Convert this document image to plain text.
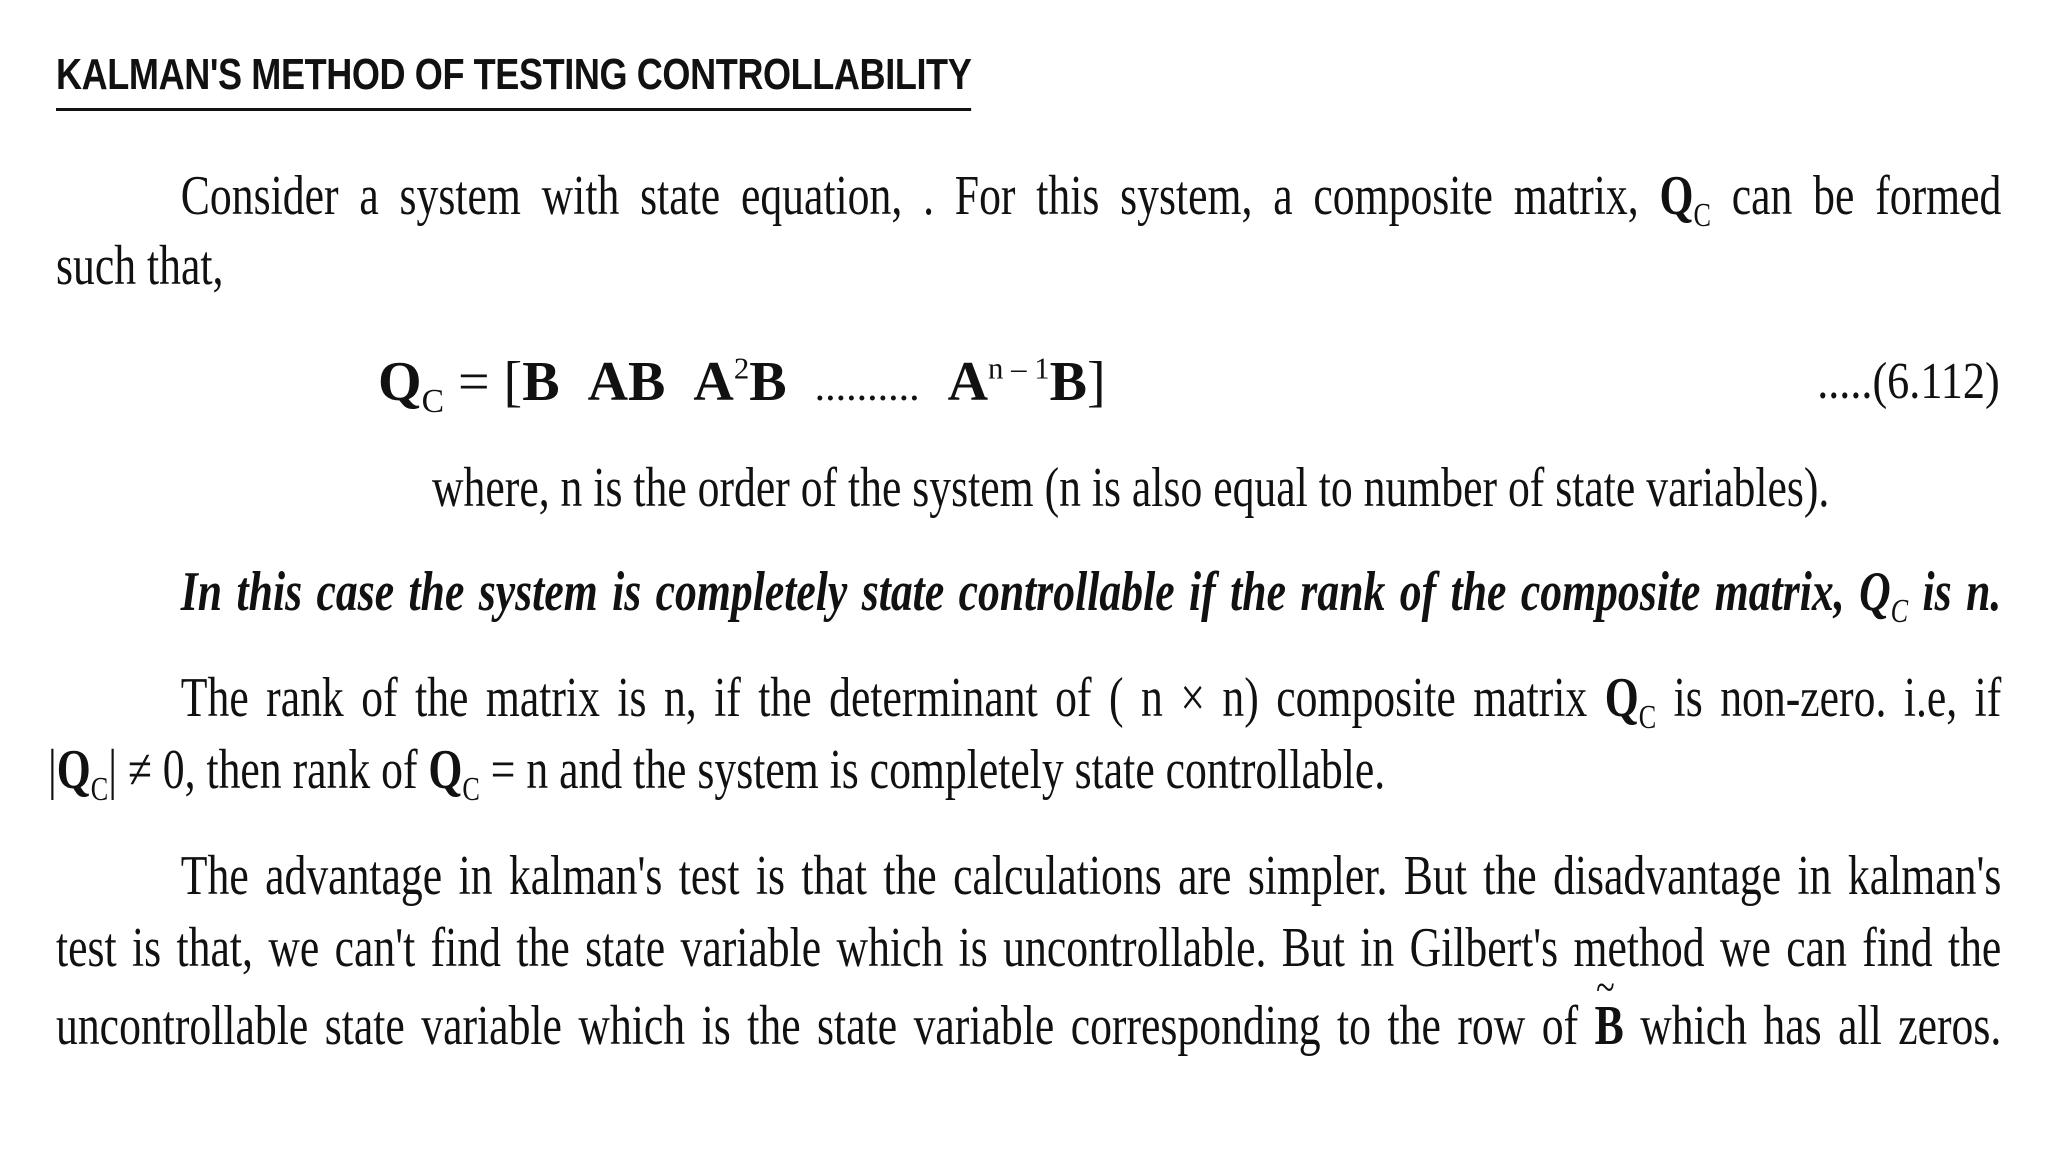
KALMAN'S METHOD OF TESTING CONTROLLABILITY
Consider a system with state equation, . For this system, a composite matrix, $Q_C$ can be formed
such that,
$Q_C = [B$ AB $A^2B$ .......... $A^{n - 1}B$]	.....(6.112)
where, n is the order of the system (n is also equal to number of state variables).
In this case the system is completely state controllable if the rank of the composite matrix, $Q_C$ is n.
The rank of the matrix is n, if the determinant of ( n × n) composite matrix $Q_C$ is non-zero. i.e, if
$|Q_C| \ne 0$, then rank of $Q_C = n$ and the system is completely state controllable.
The advantage in kalman's test is that the calculations are simpler. But the disadvantage in kalman's
test is that, we can't find the state variable which is uncontrollable. But in Gilbert's method we can find the
uncontrollable state variable which is the state variable corresponding to the row of ~ B which has all zeros.
